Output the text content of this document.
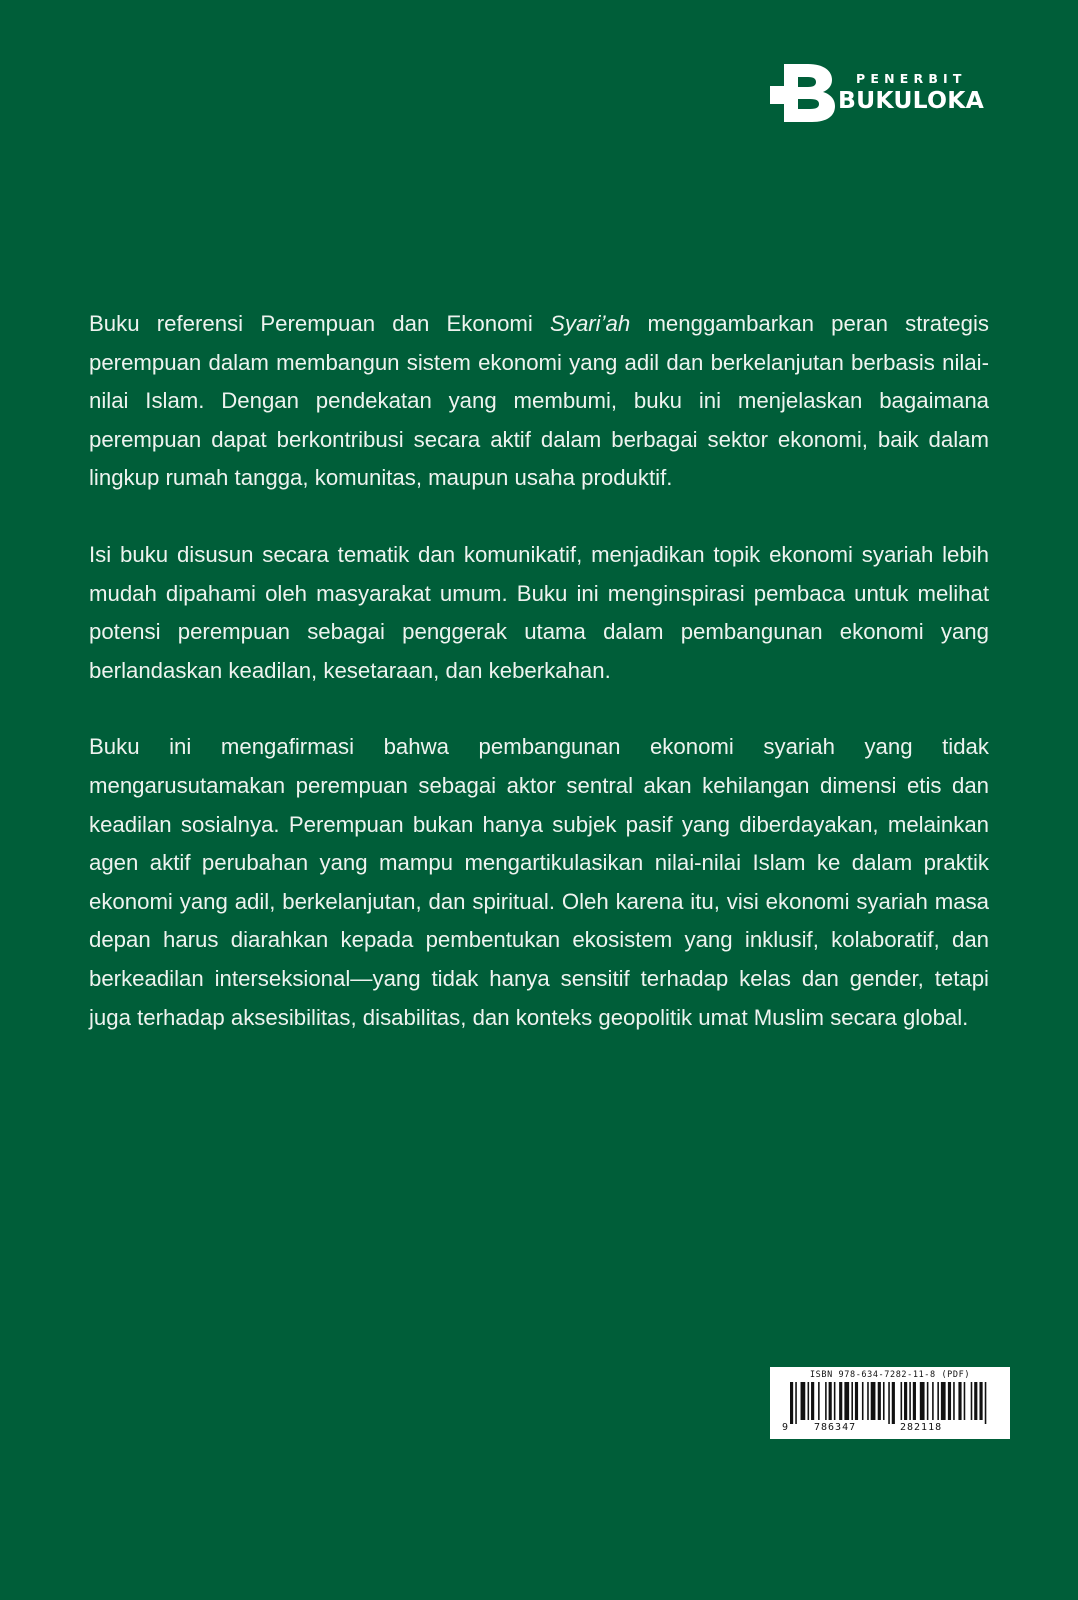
PENERBIT
BUKULOKA

Buku referensi Perempuan dan Ekonomi Syari’ah menggambarkan peran strategis perempuan dalam membangun sistem ekonomi yang adil dan berkelanjutan berbasis nilai-nilai Islam. Dengan pendekatan yang membumi, buku ini menjelaskan bagaimana perempuan dapat berkontribusi secara aktif dalam berbagai sektor ekonomi, baik dalam lingkup rumah tangga, komunitas, maupun usaha produktif.

Isi buku disusun secara tematik dan komunikatif, menjadikan topik ekonomi syariah lebih mudah dipahami oleh masyarakat umum. Buku ini menginspirasi pembaca untuk melihat potensi perempuan sebagai penggerak utama dalam pembangunan ekonomi yang berlandaskan keadilan, kesetaraan, dan keberkahan.

Buku ini mengafirmasi bahwa pembangunan ekonomi syariah yang tidak mengarusutamakan perempuan sebagai aktor sentral akan kehilangan dimensi etis dan keadilan sosialnya. Perempuan bukan hanya subjek pasif yang diberdayakan, melainkan agen aktif perubahan yang mampu mengartikulasikan nilai-nilai Islam ke dalam praktik ekonomi yang adil, berkelanjutan, dan spiritual. Oleh karena itu, visi ekonomi syariah masa depan harus diarahkan kepada pembentukan ekosistem yang inklusif, kolaboratif, dan berkeadilan interseksional—yang tidak hanya sensitif terhadap kelas dan gender, tetapi juga terhadap aksesibilitas, disabilitas, dan konteks geopolitik umat Muslim secara global.

ISBN 978-634-7282-11-8 (PDF)
9	786347	282118
